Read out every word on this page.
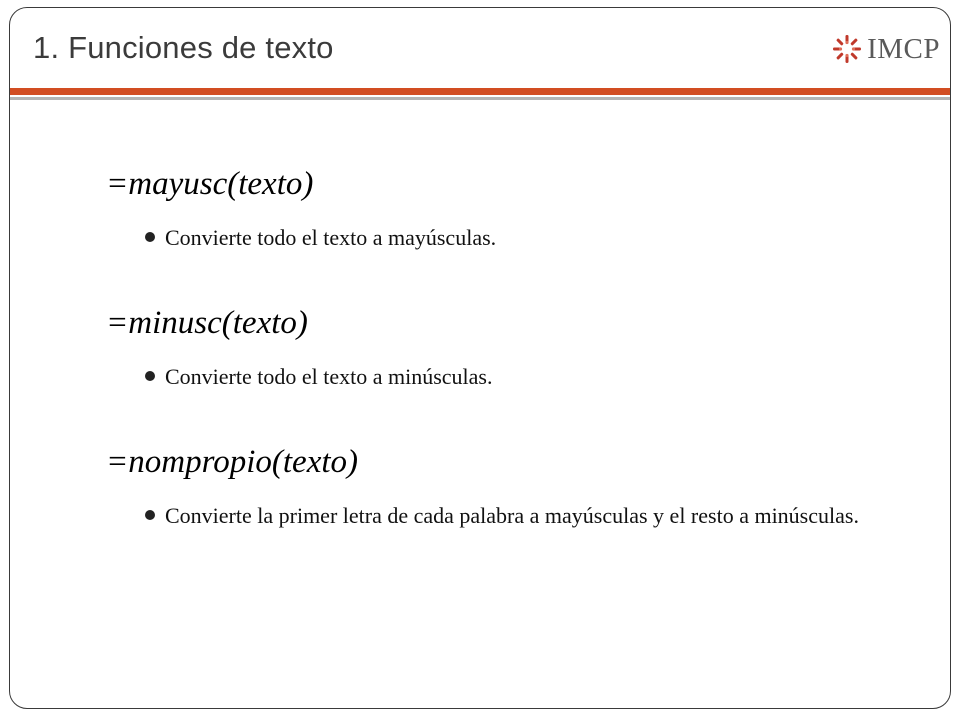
1. Funciones de texto	IMCP

=mayusc(texto)

Convierte todo el texto a mayúsculas.

=minusc(texto)

Convierte todo el texto a minúsculas.

=nompropio(texto)

Convierte la primer letra de cada palabra a mayúsculas y el resto a minúsculas.
